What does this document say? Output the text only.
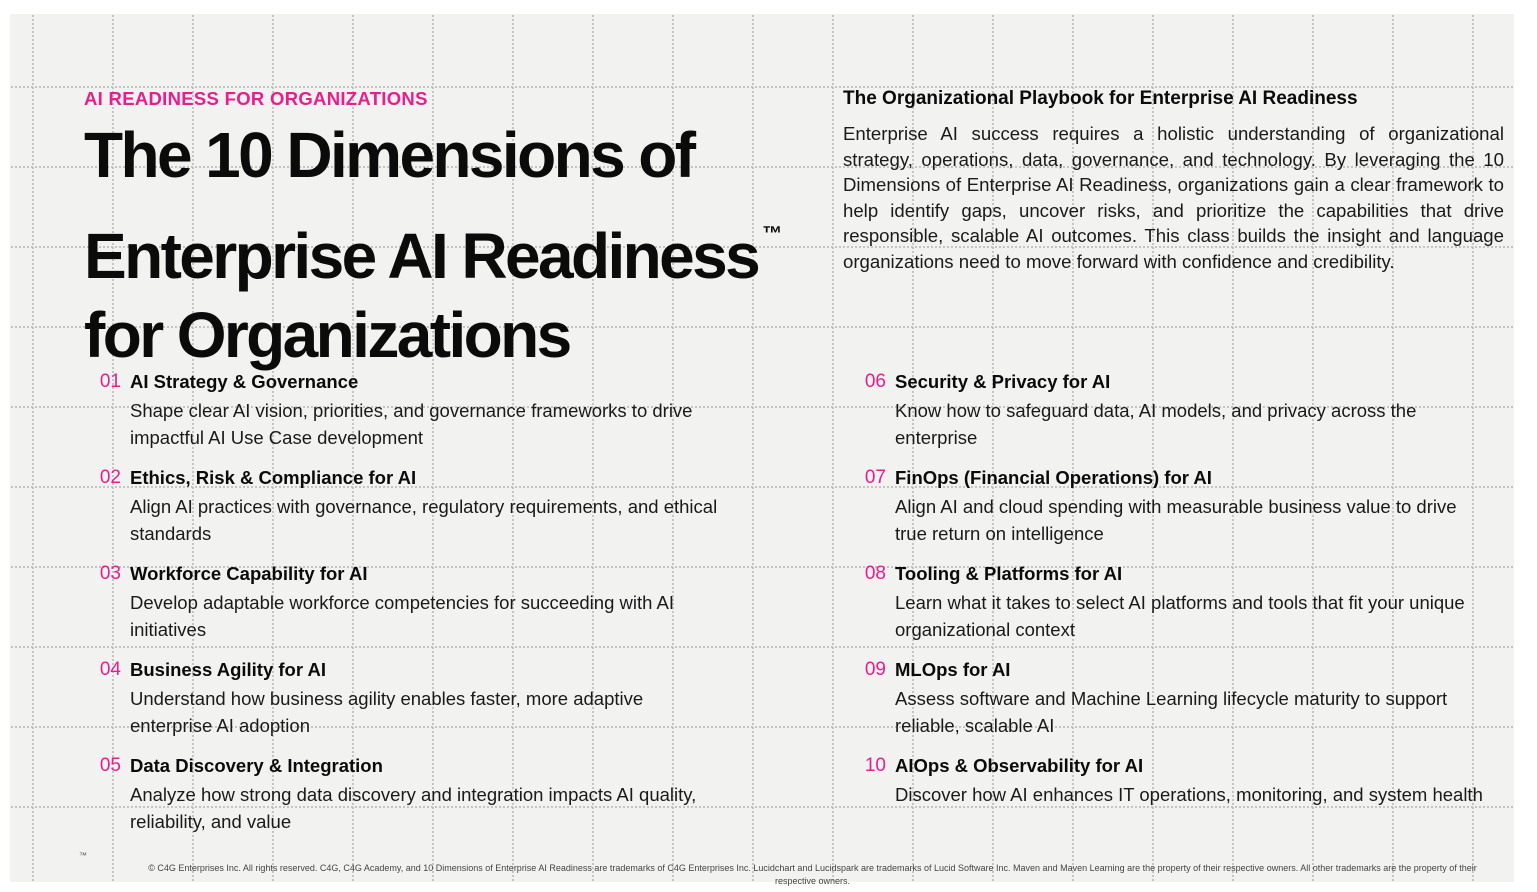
AI READINESS FOR ORGANIZATIONS
The 10 Dimensions of
Enterprise AI Readiness ™
for Organizations
The Organizational Playbook for Enterprise AI Readiness

Enterprise AI success requires a holistic understanding of organizational strategy, operations, data, governance, and technology. By leveraging the 10 Dimensions of Enterprise AI Readiness, organizations gain a clear framework to help identify gaps, uncover risks, and prioritize the capabilities that drive responsible, scalable AI outcomes. This class builds the insight and language organizations need to move forward with confidence and credibility.

01 AI Strategy & Governance
Shape clear AI vision, priorities, and governance frameworks to drive impactful AI Use Case development
02 Ethics, Risk & Compliance for AI
Align AI practices with governance, regulatory requirements, and ethical standards
03 Workforce Capability for AI
Develop adaptable workforce competencies for succeeding with AI initiatives
04 Business Agility for AI
Understand how business agility enables faster, more adaptive enterprise AI adoption
05 Data Discovery & Integration
Analyze how strong data discovery and integration impacts AI quality, reliability, and value
06 Security & Privacy for AI
Know how to safeguard data, AI models, and privacy across the enterprise
07 FinOps (Financial Operations) for AI
Align AI and cloud spending with measurable business value to drive true return on intelligence
08 Tooling & Platforms for AI
Learn what it takes to select AI platforms and tools that fit your unique organizational context
09 MLOps for AI
Assess software and Machine Learning lifecycle maturity to support reliable, scalable AI
10 AIOps & Observability for AI
Discover how AI enhances IT operations, monitoring, and system health
™
© C4G Enterprises Inc. All rights reserved. C4G, C4G Academy, and 10 Dimensions of Enterprise AI Readiness are trademarks of C4G Enterprises Inc. Lucidchart and Lucidspark are trademarks of Lucid Software Inc. Maven and Maven Learning are the property of their respective owners. All other trademarks are the property of their respective owners.
